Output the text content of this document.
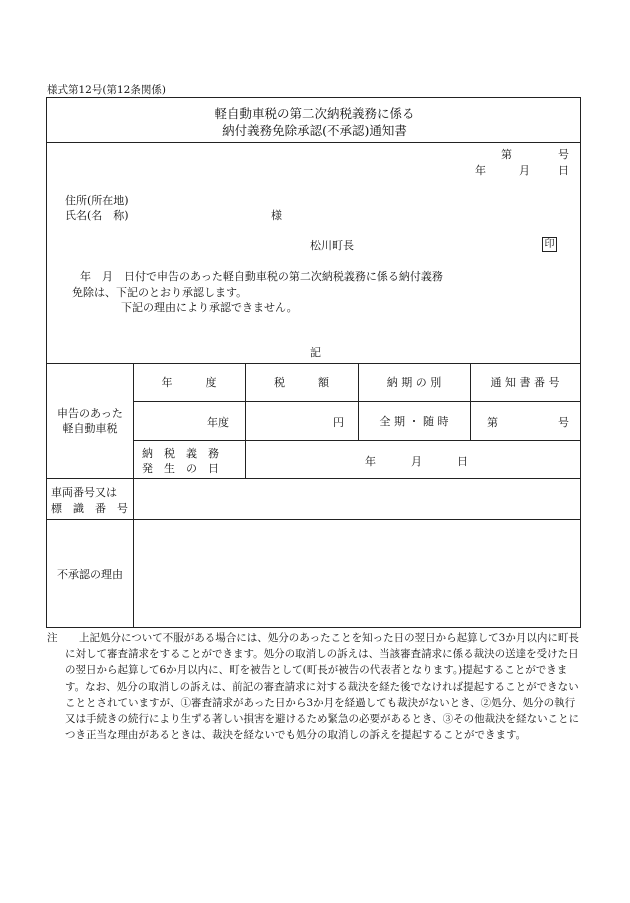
様式第12号(第12条関係)
軽自動車税の第二次納税義務に係る
納付義務免除承認(不承認)通知書
第	号
年	月	日
住所(所在地)
氏名(名　称)	様
松川町長	印
年　月　日付で申告のあった軽自動車税の第二次納税義務に係る納付義務
免除は、下記のとおり承認します。
下記の理由により承認できません。
記
申告のあった
軽自動車税
年　　　度	税　　　額	納 期 の 別	通 知 書 番 号
年度	円	全 期 ・ 随 時	第	号
納　税　義　務
発　生　の　日
年	月	日
車両番号又は
標　識　番　号
不承認の理由
注	上記処分について不服がある場合には、処分のあったことを知った日の翌日から起算して3か月以内に町長に対して審査請求をすることができます。処分の取消しの訴えは、当該審査請求に係る裁決の送達を受けた日の翌日から起算して6か月以内に、町を被告として(町長が被告の代表者となります。)提起することができます。なお、処分の取消しの訴えは、前記の審査請求に対する裁決を経た後でなければ提起することができないこととされていますが、①審査請求があった日から3か月を経過しても裁決がないとき、②処分、処分の執行又は手続きの続行により生ずる著しい損害を避けるため緊急の必要があるとき、③その他裁決を経ないことにつき正当な理由があるときは、裁決を経ないでも処分の取消しの訴えを提起することができます。
